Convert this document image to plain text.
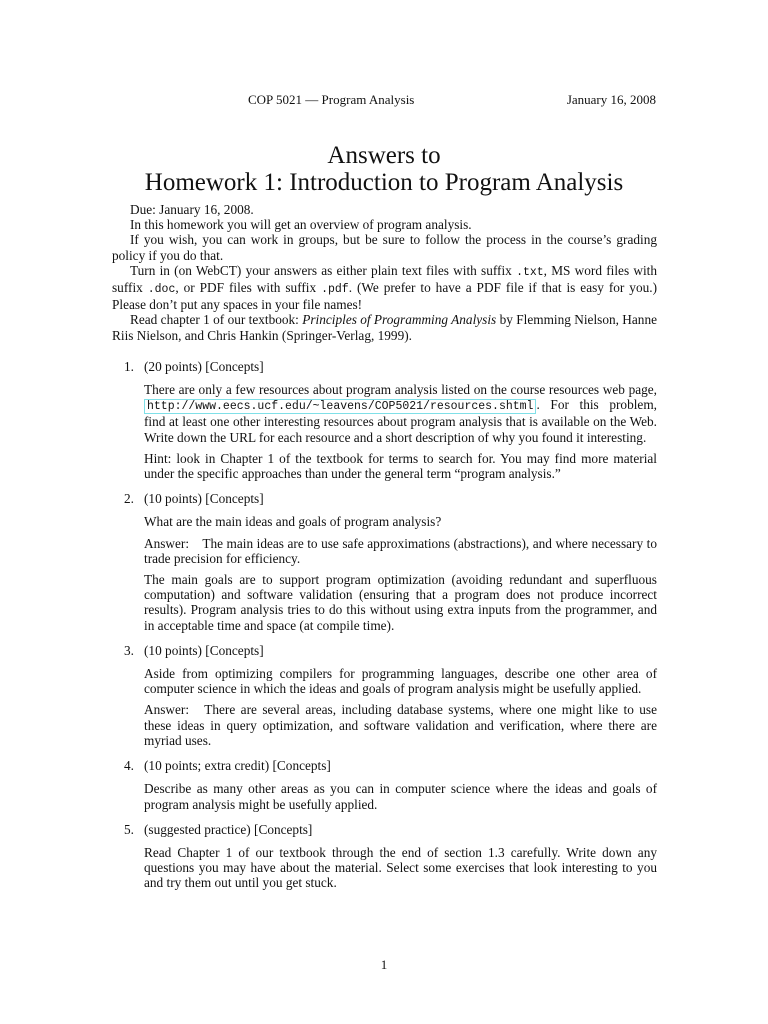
COP 5021 — Program Analysis	January 16, 2008
Answers to
Homework 1: Introduction to Program Analysis

Due: January 16, 2008.

In this homework you will get an overview of program analysis.

If you wish, you can work in groups, but be sure to follow the process in the course’s grading policy if you do that.

Turn in (on WebCT) your answers as either plain text files with suffix .txt, MS word files with suffix .doc, or PDF files with suffix .pdf. (We prefer to have a PDF file if that is easy for you.) Please don’t put any spaces in your file names!

Read chapter 1 of our textbook: Principles of Programming Analysis by Flemming Nielson, Hanne Riis Nielson, and Chris Hankin (Springer-Verlag, 1999).

1. (20 points) [Concepts]

There are only a few resources about program analysis listed on the course resources web page, http://www.eecs.ucf.edu/~leavens/COP5021/resources.shtml . For this problem, find at least one other interesting resources about program analysis that is available on the Web. Write down the URL for each resource and a short description of why you found it interesting.

Hint: look in Chapter 1 of the textbook for terms to search for. You may find more material under the specific approaches than under the general term “program analysis.”

2. (10 points) [Concepts]

What are the main ideas and goals of program analysis?

Answer: The main ideas are to use safe approximations (abstractions), and where necessary to trade precision for efficiency.

The main goals are to support program optimization (avoiding redundant and superfluous computation) and software validation (ensuring that a program does not produce incorrect results). Program analysis tries to do this without using extra inputs from the programmer, and in acceptable time and space (at compile time).

3. (10 points) [Concepts]

Aside from optimizing compilers for programming languages, describe one other area of computer science in which the ideas and goals of program analysis might be usefully applied.

Answer: There are several areas, including database systems, where one might like to use these ideas in query optimization, and software validation and verification, where there are myriad uses.

4. (10 points; extra credit) [Concepts]

Describe as many other areas as you can in computer science where the ideas and goals of program analysis might be usefully applied.

5. (suggested practice) [Concepts]

Read Chapter 1 of our textbook through the end of section 1.3 carefully. Write down any questions you may have about the material. Select some exercises that look interesting to you and try them out until you get stuck.

1
